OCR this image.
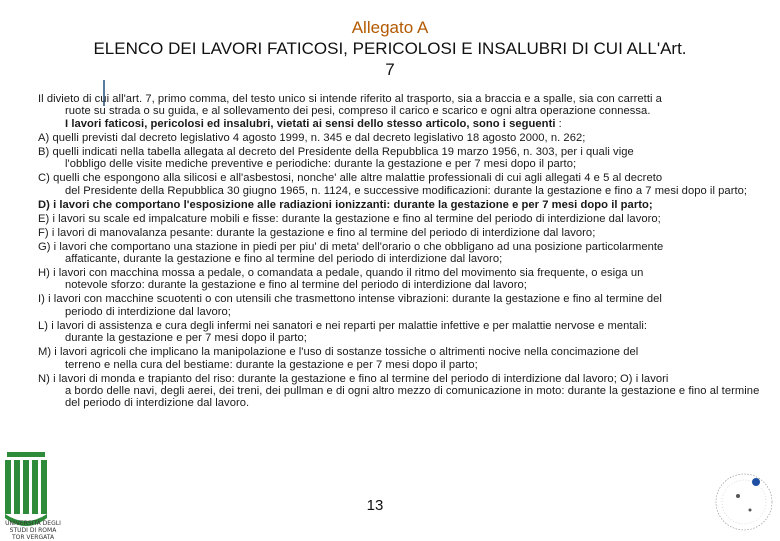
Allegato A
ELENCO DEI LAVORI FATICOSI, PERICOLOSI E INSALUBRI DI CUI ALL'Art.
7

Il divieto di cui all'art. 7, primo comma, del testo unico si intende riferito al trasporto, sia a braccia e a spalle, sia con carretti a
ruote su strada o su guida, e al sollevamento dei pesi, compreso il carico e scarico e ogni altra operazione connessa.
I lavori faticosi, pericolosi ed insalubri, vietati ai sensi dello stesso articolo, sono i seguenti :

A) quelli previsti dal decreto legislativo 4 agosto 1999, n. 345 e dal decreto legislativo 18 agosto 2000, n. 262;

B) quelli indicati nella tabella allegata al decreto del Presidente della Repubblica 19 marzo 1956, n. 303, per i quali vige
l'obbligo delle visite mediche preventive e periodiche: durante la gestazione e per 7 mesi dopo il parto;

C) quelli che espongono alla silicosi e all'asbestosi, nonche' alle altre malattie professionali di cui agli allegati 4 e 5 al decreto
del Presidente della Repubblica 30 giugno 1965, n. 1124, e successive modificazioni: durante la gestazione e fino a 7 mesi dopo il parto;

D) i lavori che comportano l'esposizione alle radiazioni ionizzanti: durante la gestazione e per 7 mesi dopo il parto;

E) i lavori su scale ed impalcature mobili e fisse: durante la gestazione e fino al termine del periodo di interdizione dal lavoro;

F) i lavori di manovalanza pesante: durante la gestazione e fino al termine del periodo di interdizione dal lavoro;

G) i lavori che comportano una stazione in piedi per piu' di meta' dell'orario o che obbligano ad una posizione particolarmente
affaticante, durante la gestazione e fino al termine del periodo di interdizione dal lavoro;

H) i lavori con macchina mossa a pedale, o comandata a pedale, quando il ritmo del movimento sia frequente, o esiga un
notevole sforzo: durante la gestazione e fino al termine del periodo di interdizione dal lavoro;

I) i lavori con macchine scuotenti o con utensili che trasmettono intense vibrazioni: durante la gestazione e fino al termine del
periodo di interdizione dal lavoro;

L) i lavori di assistenza e cura degli infermi nei sanatori e nei reparti per malattie infettive e per malattie nervose e mentali:
durante la gestazione e per 7 mesi dopo il parto;

M) i lavori agricoli che implicano la manipolazione e l'uso di sostanze tossiche o altrimenti nocive nella concimazione del
terreno e nella cura del bestiame: durante la gestazione e per 7 mesi dopo il parto;

N) i lavori di monda e trapianto del riso: durante la gestazione e fino al termine del periodo di interdizione dal lavoro; O) i lavori
a bordo delle navi, degli aerei, dei treni, dei pullman e di ogni altro mezzo di comunicazione in moto: durante la gestazione e fino al termine del periodo di interdizione dal lavoro.

13
UNIVERSITÀ DEGLI STUDI DI ROMA
TOR VERGATA
